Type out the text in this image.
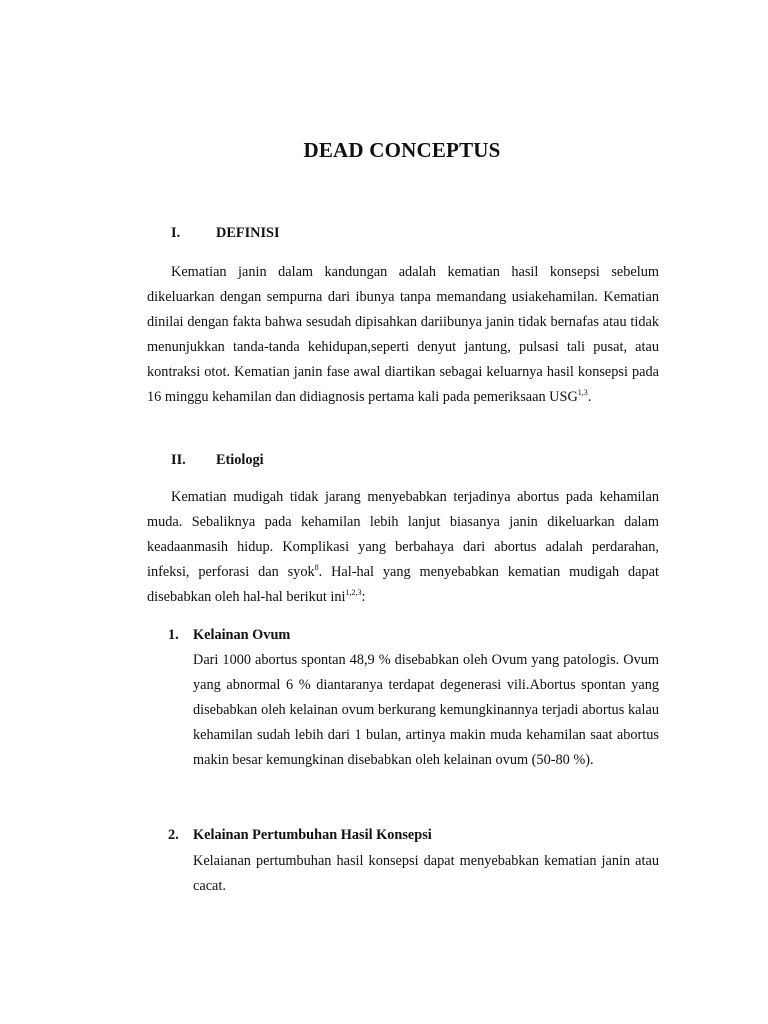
DEAD CONCEPTUS
I.	DEFINISI
Kematian janin dalam kandungan adalah kematian hasil konsepsi sebelum dikeluarkan dengan sempurna dari ibunya tanpa memandang usiakehamilan. Kematian dinilai dengan fakta bahwa sesudah dipisahkan dariibunya janin tidak bernafas atau tidak menunjukkan tanda-tanda kehidupan,seperti denyut jantung, pulsasi tali pusat, atau kontraksi otot. Kematian janin fase awal diartikan sebagai keluarnya hasil konsepsi pada 16 minggu kehamilan dan didiagnosis pertama kali pada pemeriksaan USG$^{1,3}$.
II. Etiologi
Kematian mudigah tidak jarang menyebabkan terjadinya abortus pada kehamilan muda. Sebaliknya pada kehamilan lebih lanjut biasanya janin dikeluarkan dalam keadaanmasih hidup. Komplikasi yang berbahaya dari abortus adalah perdarahan, infeksi, perforasi dan syok$^8$. Hal-hal yang menyebabkan kematian mudigah dapat disebabkan oleh hal-hal berikut ini$^{1,2,3}$:
1. Kelainan Ovum
Dari 1000 abortus spontan 48,9 % disebabkan oleh Ovum yang patologis. Ovum yang abnormal 6 % diantaranya terdapat degenerasi vili.Abortus spontan yang disebabkan oleh kelainan ovum berkurang kemungkinannya terjadi abortus kalau kehamilan sudah lebih dari 1 bulan, artinya makin muda kehamilan saat abortus makin besar kemungkinan disebabkan oleh kelainan ovum (50-80 %).
2. Kelainan Pertumbuhan Hasil Konsepsi
Kelaianan pertumbuhan hasil konsepsi dapat menyebabkan kematian janin atau cacat.
